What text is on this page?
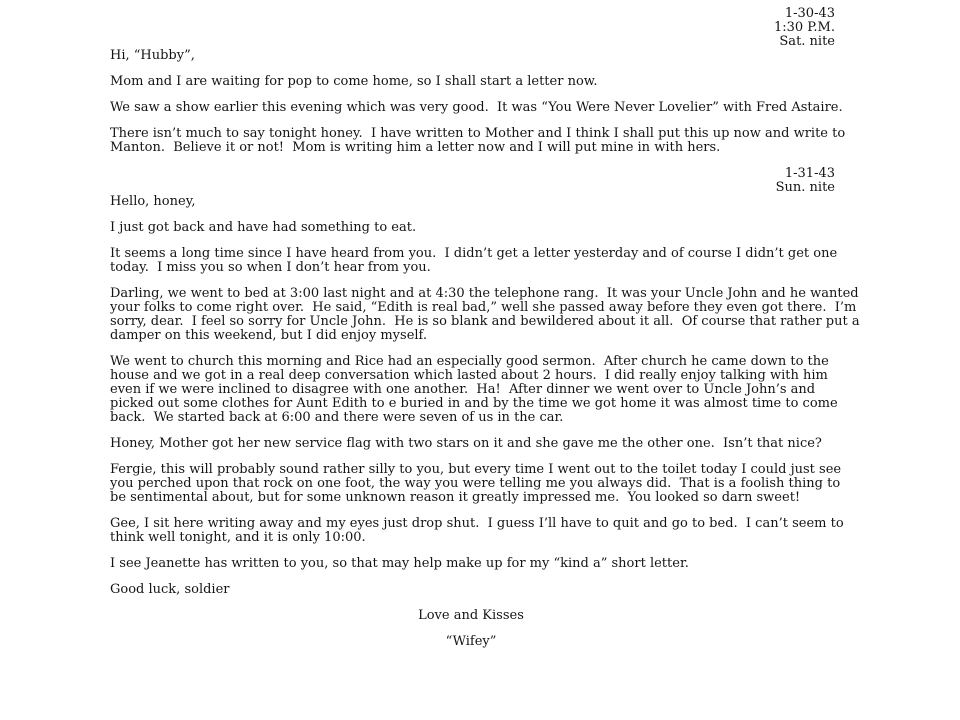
1-30-43
1:30 P.M.
Sat. nite
Hi, “Hubby”,
Mom and I are waiting for pop to come home, so I shall start a letter now.
We saw a show earlier this evening which was very good.  It was “You Were Never Lovelier” with Fred Astaire.
There isn’t much to say tonight honey.  I have written to Mother and I think I shall put this up now and write to Manton.  Believe it or not!  Mom is writing him a letter now and I will put mine in with hers.
1-31-43
Sun. nite
Hello, honey,
I just got back and have had something to eat.
It seems a long time since I have heard from you.  I didn’t get a letter yesterday and of course I didn’t get one today.  I miss you so when I don’t hear from you.
Darling, we went to bed at 3:00 last night and at 4:30 the telephone rang.  It was your Uncle John and he wanted your folks to come right over.  He said, “Edith is real bad,” well she passed away before they even got there.  I’m sorry, dear.  I feel so sorry for Uncle John.  He is so blank and bewildered about it all.  Of course that rather put a damper on this weekend, but I did enjoy myself.
We went to church this morning and Rice had an especially good sermon.  After church he came down to the house and we got in a real deep conversation which lasted about 2 hours.  I did really enjoy talking with him even if we were inclined to disagree with one another.  Ha!  After dinner we went over to Uncle John’s and picked out some clothes for Aunt Edith to e buried in and by the time we got home it was almost time to come back.  We started back at 6:00 and there were seven of us in the car.
Honey, Mother got her new service flag with two stars on it and she gave me the other one.  Isn’t that nice?
Fergie, this will probably sound rather silly to you, but every time I went out to the toilet today I could just see you perched upon that rock on one foot, the way you were telling me you always did.  That is a foolish thing to be sentimental about, but for some unknown reason it greatly impressed me.  You looked so darn sweet!
Gee, I sit here writing away and my eyes just drop shut.  I guess I’ll have to quit and go to bed.  I can’t seem to think well tonight, and it is only 10:00.
I see Jeanette has written to you, so that may help make up for my “kind a” short letter.
Good luck, soldier
Love and Kisses
“Wifey”
